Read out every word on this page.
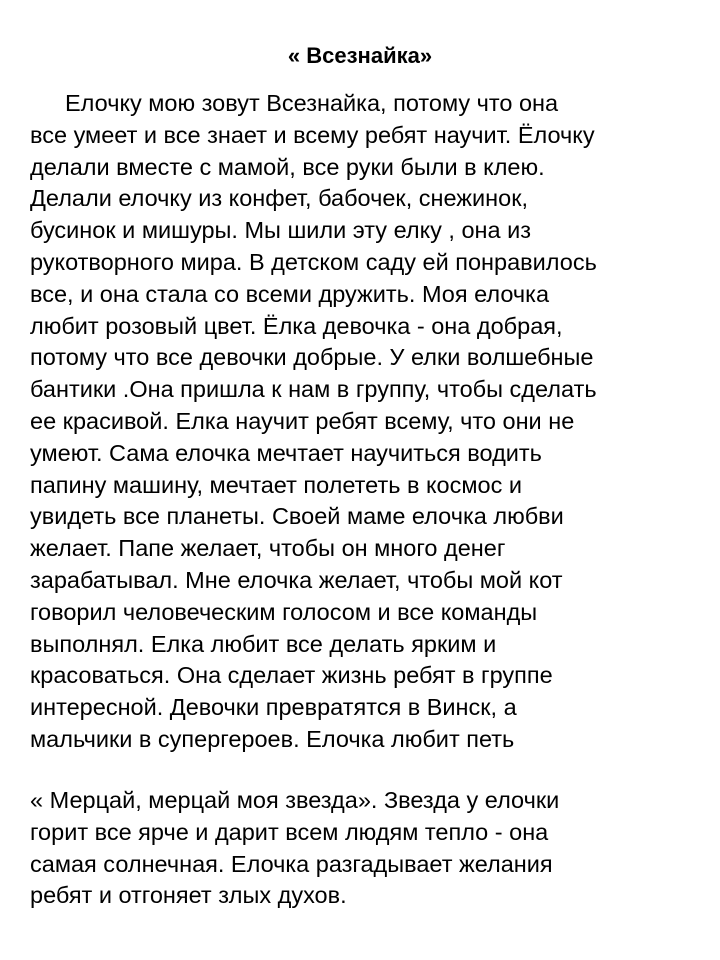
« Всезнайка»
Елочку мою зовут Всезнайка, потому что она
все умеет и все знает и всему ребят научит. Ёлочку
делали вместе с мамой, все руки были в клею.
Делали елочку из конфет, бабочек, снежинок,
бусинок и мишуры. Мы шили эту елку , она из
рукотворного мира. В детском саду ей понравилось
все, и она стала со всеми дружить. Моя елочка
любит розовый цвет. Ёлка девочка - она добрая,
потому что все девочки добрые. У елки волшебные
бантики .Она пришла к нам в группу, чтобы сделать
ее красивой. Елка научит ребят всему, что они не
умеют. Сама елочка мечтает научиться водить
папину машину, мечтает полететь в космос и
увидеть все планеты. Своей маме елочка любви
желает. Папе желает, чтобы он много денег
зарабатывал. Мне елочка желает, чтобы мой кот
говорил человеческим голосом и все команды
выполнял. Елка любит все делать ярким и
красоваться. Она сделает жизнь ребят в группе
интересной. Девочки превратятся в Винск, а
мальчики в супергероев. Елочка любит петь
« Мерцай, мерцай моя звезда». Звезда у елочки
горит все ярче и дарит всем людям тепло - она
самая солнечная. Елочка разгадывает желания
ребят и отгоняет злых духов.
